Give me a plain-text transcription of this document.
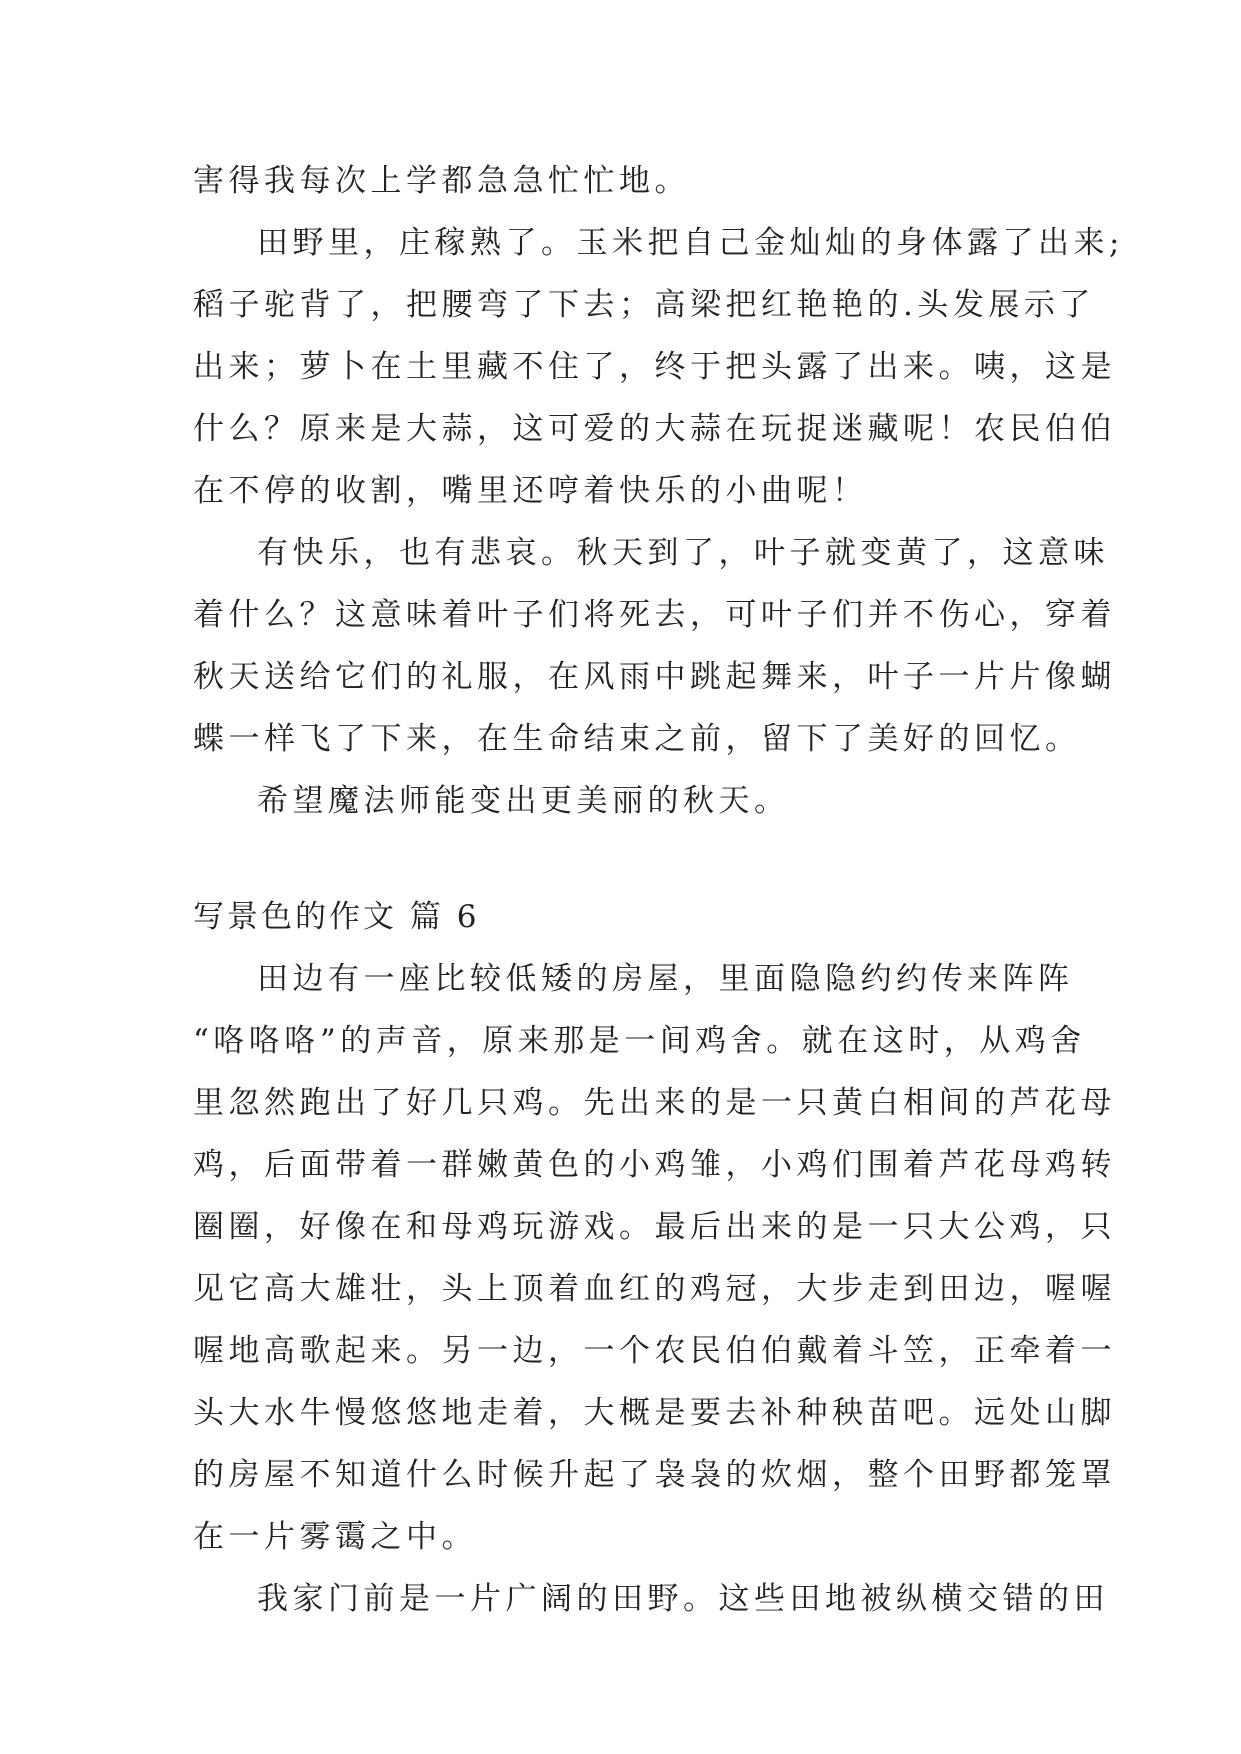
害得我每次上学都急急忙忙地。
田野里，庄稼熟了。玉米把自己金灿灿的身体露了出来;
稻子驼背了，把腰弯了下去；高梁把红艳艳的.头发展示了
出来；萝卜在土里藏不住了，终于把头露了出来。咦，这是
什么？原来是大蒜，这可爱的大蒜在玩捉迷藏呢！农民伯伯
在不停的收割，嘴里还哼着快乐的小曲呢！
有快乐，也有悲哀。秋天到了，叶子就变黄了，这意味
着什么？这意味着叶子们将死去，可叶子们并不伤心，穿着
秋天送给它们的礼服，在风雨中跳起舞来，叶子一片片像蝴
蝶一样飞了下来，在生命结束之前，留下了美好的回忆。
希望魔法师能变出更美丽的秋天。
写景色的作文 篇 6
田边有一座比较低矮的房屋，里面隐隐约约传来阵阵
“咯咯咯”的声音，原来那是一间鸡舍。就在这时，从鸡舍
里忽然跑出了好几只鸡。先出来的是一只黄白相间的芦花母
鸡，后面带着一群嫩黄色的小鸡雏，小鸡们围着芦花母鸡转
圈圈，好像在和母鸡玩游戏。最后出来的是一只大公鸡，只
见它高大雄壮，头上顶着血红的鸡冠，大步走到田边，喔喔
喔地高歌起来。另一边，一个农民伯伯戴着斗笠，正牵着一
头大水牛慢悠悠地走着，大概是要去补种秧苗吧。远处山脚
的房屋不知道什么时候升起了袅袅的炊烟，整个田野都笼罩
在一片雾霭之中。
我家门前是一片广阔的田野。这些田地被纵横交错的田
